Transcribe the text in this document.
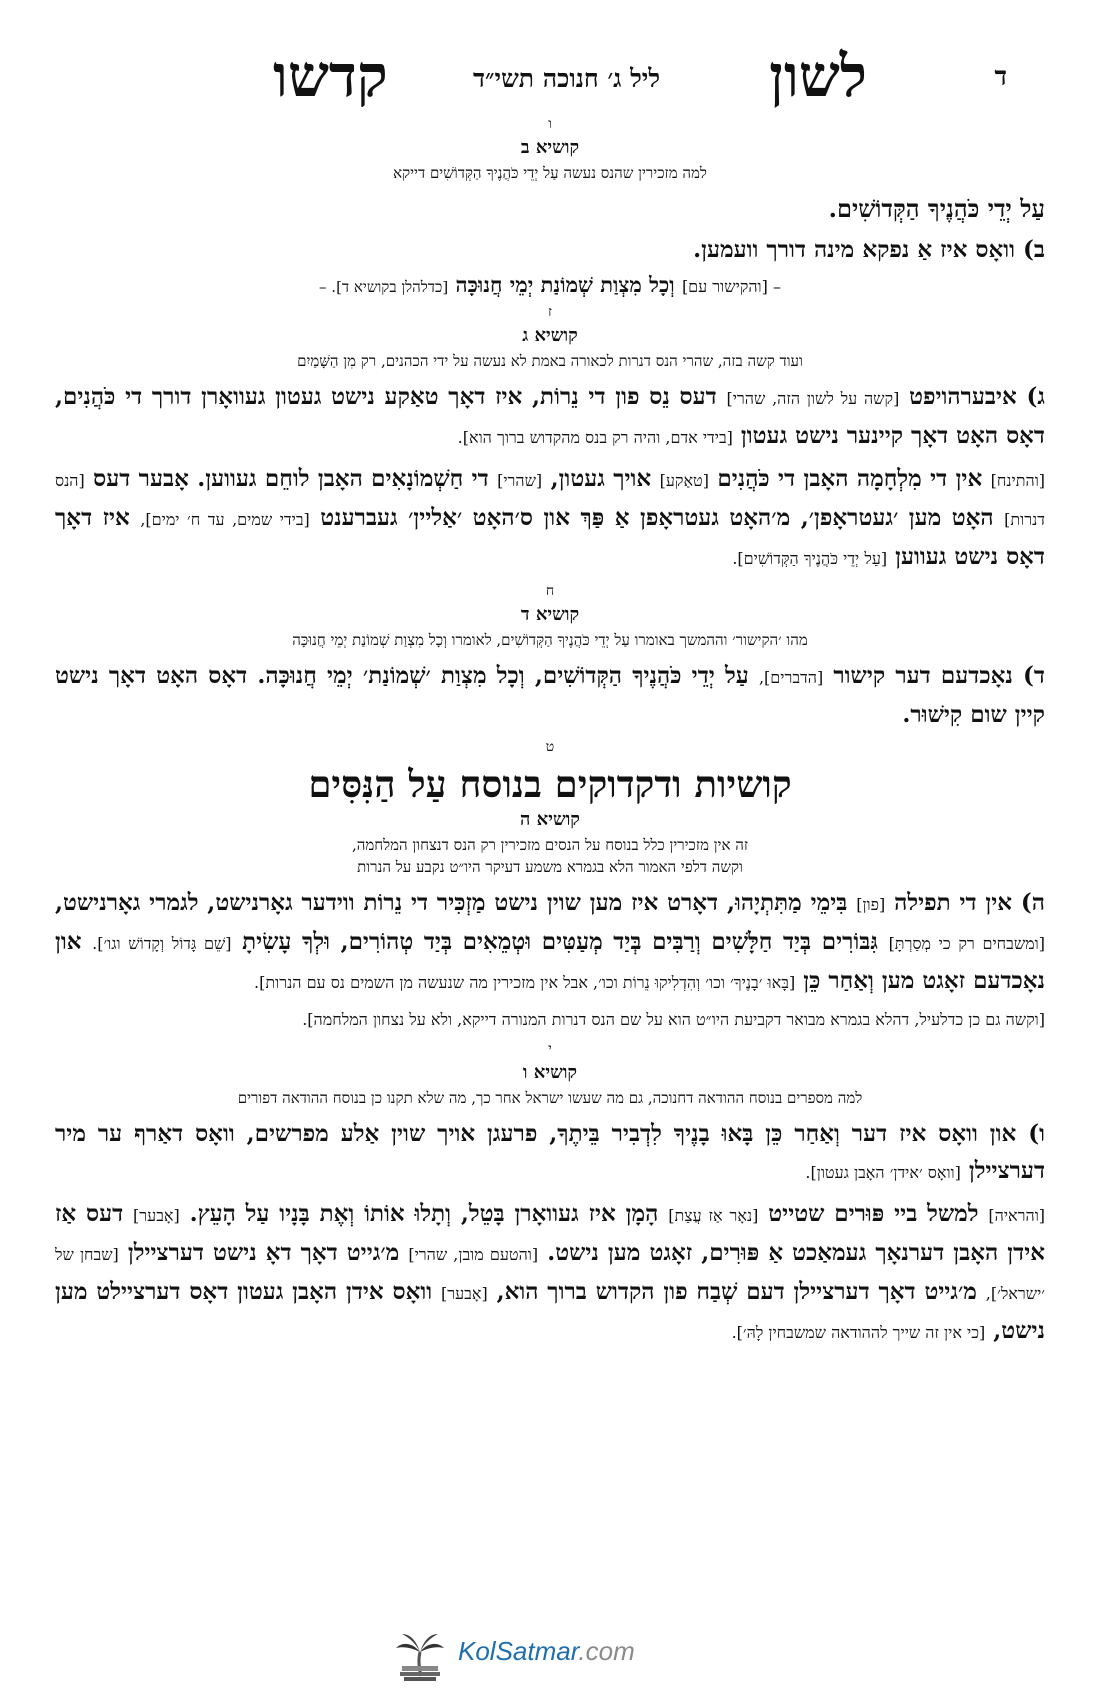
ד
לשון
ליל ג׳ חנוכה תשי״ד
קדשו
ו
קושיא ב
למה מזכירין שהנס נעשה עַל יְדֵי כֹּהֲנֶיךָ הַקְּדוֹשִׁים דייקא
עַל יְדֵי כֹּהֲנֶיךָ הַקְּדוֹשִׁים.
ב) וואָס איז אַ נפקא מינה דורך וועמען.
– [והקישור עם] וְכָל מִצְוַת שְׁמוֹנַת יְמֵי חֲנוּכָּה [כדלהלן בקושיא ד]. –
ז
קושיא ג
ועוד קשה בזה, שהרי הנס דנרות לכאורה באמת לא נעשה על ידי הכהנים, רק מִן הַשָּׁמַיִם
ג) איבערהויפט [קשה על לשון הזה, שהרי] דעס נֵס פון די נֵרוֹת, איז דאָך טאַקע נישט געטון געוואָרן דורך די כֹּהֲנִים, דאָס האָט דאָך קיינער נישט געטון [בידי אדם, והיה רק בנס מהקדוש ברוך הוא].
[והתינח] אין די מִלְחָמָה האָבן די כֹּהֲנִים [טאַקע] אויך געטון, [שהרי] די חַשְׁמוֹנָאִים האָבן לוחֵם געווען. אָבער דעס [הנס דנרות] האָט מען ׳געטראָפן׳, מ׳האָט געטראָפן אַ פַּךְ און ס׳האָט ׳אַליין׳ געברענט [בידי שמים, עד ח׳ ימים], איז דאָך דאָס נישט געווען [עַל יְדֵי כֹּהֲנֶיךָ הַקְּדוֹשִׁים].
ח
קושיא ד
מהו ׳הקישור׳ וההמשך באומרו עַל יְדֵי כֹּהֲנֶיךָ הַקְּדוֹשִׁים, לאומרו וְכָל מִצְוַת שְׁמוֹנַת יְמֵי חֲנוּכָּה
ד) נאָכדעם דער קישור [הדברים], עַל יְדֵי כֹּהֲנֶיךָ הַקְּדוֹשִׁים, וְכָל מִצְוַת ׳שְׁמוֹנַת׳ יְמֵי חֲנוּכָּה. דאָס האָט דאָך נישט קיין שום קִישׁוּר.
ט
קושיות ודקדוקים בנוסח עַל הַנִּסִּים
קושיא ה
זה אין מזכירין כלל בנוסח על הנסים מזכירין רק הנס דנצחון המלחמה,
וקשה דלפי האמור הלא בגמרא משמע דעיקר היו״ט נקבע על הנרות
ה) אין די תפילה [פון] בִּימֵי מַתִּתְיָהוּ, דאָרט איז מען שוין נישט מַזְכִּיר די נֵרוֹת ווידער גאָרנישט, לגמרי גאָרנישט, [ומשבחים רק כי מְסַרְתָּ] גִּבּוֹרִים בְּיַד חַלָּשִׁים וְרַבִּים בְּיַד מְעַטִּים וּטְמֵאִים בְּיַד טְהוֹרִים, וּלְךָ עָשִׂיתָ [שֵׁם גָּדוֹל וְקָדוֹשׁ וגו׳]. און נאָכדעם זאָגט מען וְאַחַר כֵּן [בָּאוּ ׳בָנֶיךָ׳ וכו׳ וְהִדְלִיקוּ נֵרוֹת וכו׳, אבל אין מזכירין מה שנעשה מן השמים נס עם הנרות].
[וקשה גם כן כדלעיל, דהלא בגמרא מבואר דקביעת היו״ט הוא על שם הנס דנרות המנורה דייקא, ולא על נצחון המלחמה].
י
קושיא ו
למה מספרים בנוסח ההודאה דחנוכה, גם מה שעשו ישראל אחר כך, מה שלא תקנו כן בנוסח ההודאה דפורים
ו) און וואָס איז דער וְאַחַר כֵּן בָּאוּ בָנֶיךָ לִדְבִיר בֵּיתֶךָ, פרעגן אויך שוין אַלע מפרשים, וואָס דאַרף ער מיר דערציילן [וואָס ׳אידן׳ האָבן געטון].
[והראיה] למשל ביי פּוּרים שטייט [נאָר אַז עֲצַת] הָמָן איז געוואָרן בָּטֵל, וְתָלוּ אוֹתוֹ וְאֶת בָּנָיו עַל הָעֵץ. [אָבער] דעס אַז אידן האָבן דערנאָך געמאַכט אַ פּוּרִים, זאָגט מען נישט. [והטעם מובן, שהרי] מ׳גייט דאָך דאָ נישט דערציילן [שבחן של ׳ישראל׳], מ׳גייט דאָך דערציילן דעם שְׁבַח פון הקדוש ברוך הוא, [אָבער] וואָס אידן האָבן געטון דאָס דערציילט מען נישט, [כי אין זה שייך לההודאה שמשבחין לָהּ׳].
KolSatmar.com
